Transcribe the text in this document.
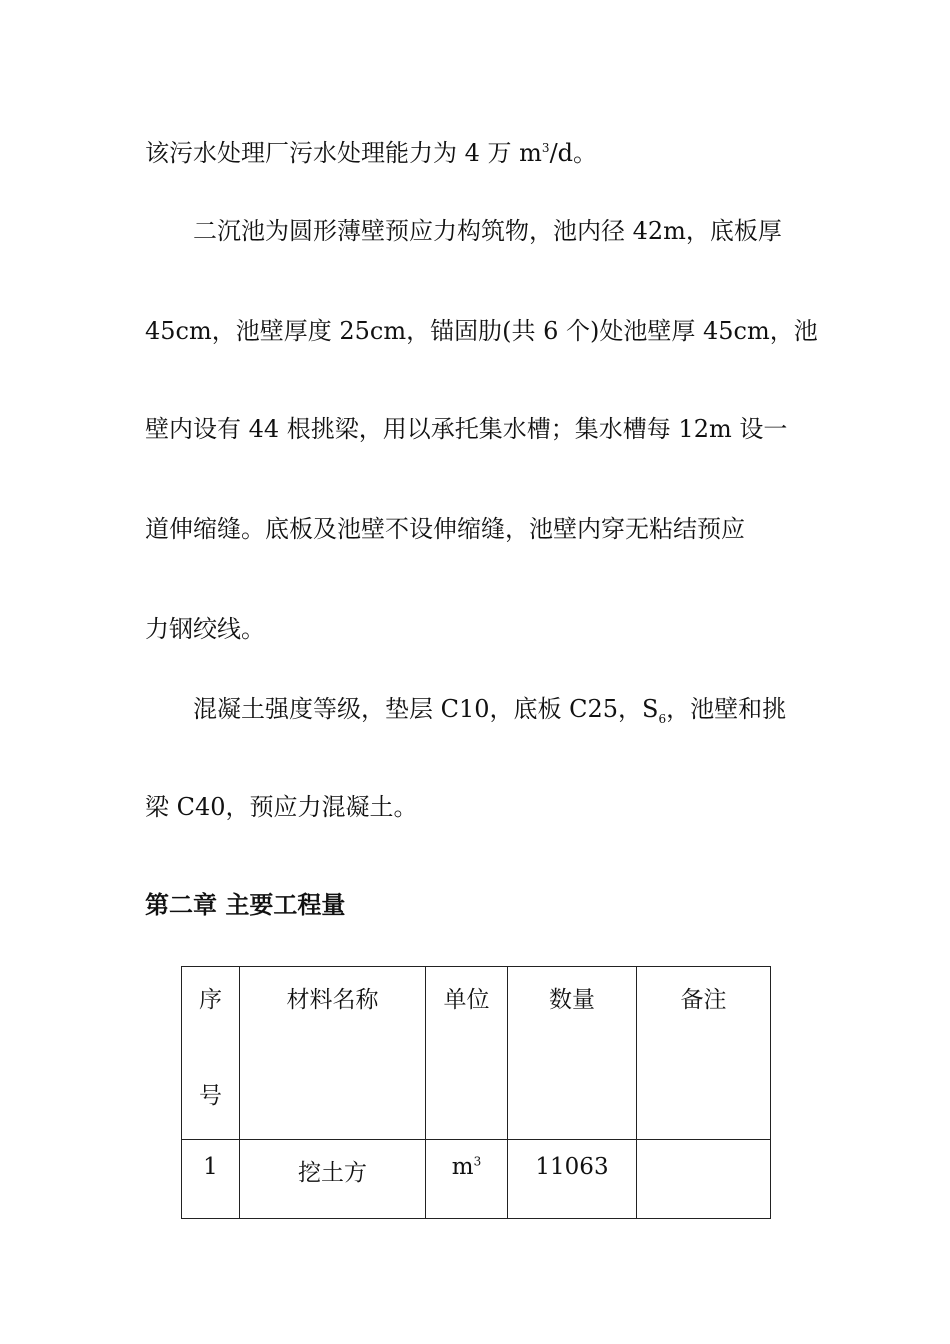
该污水处理厂污水处理能力为 4 万 $m^3/d$。
二沉池为圆形薄壁预应力构筑物，池内径 42m，底板厚
45cm，池壁厚度 25cm，锚固肋(共 6 个)处池壁厚 45cm，池
壁内设有 44 根挑梁，用以承托集水槽；集水槽每 12m 设一
道伸缩缝。底板及池壁不设伸缩缝，池壁内穿无粘结预应
力钢绞线。
混凝土强度等级，垫层 C10，底板 C25，$S_6$，池壁和挑
梁 C40，预应力混凝土。
第二章 主要工程量
序
号	材料名称	单位	数量	备注

1	挖土方	$m^3$	11063	
